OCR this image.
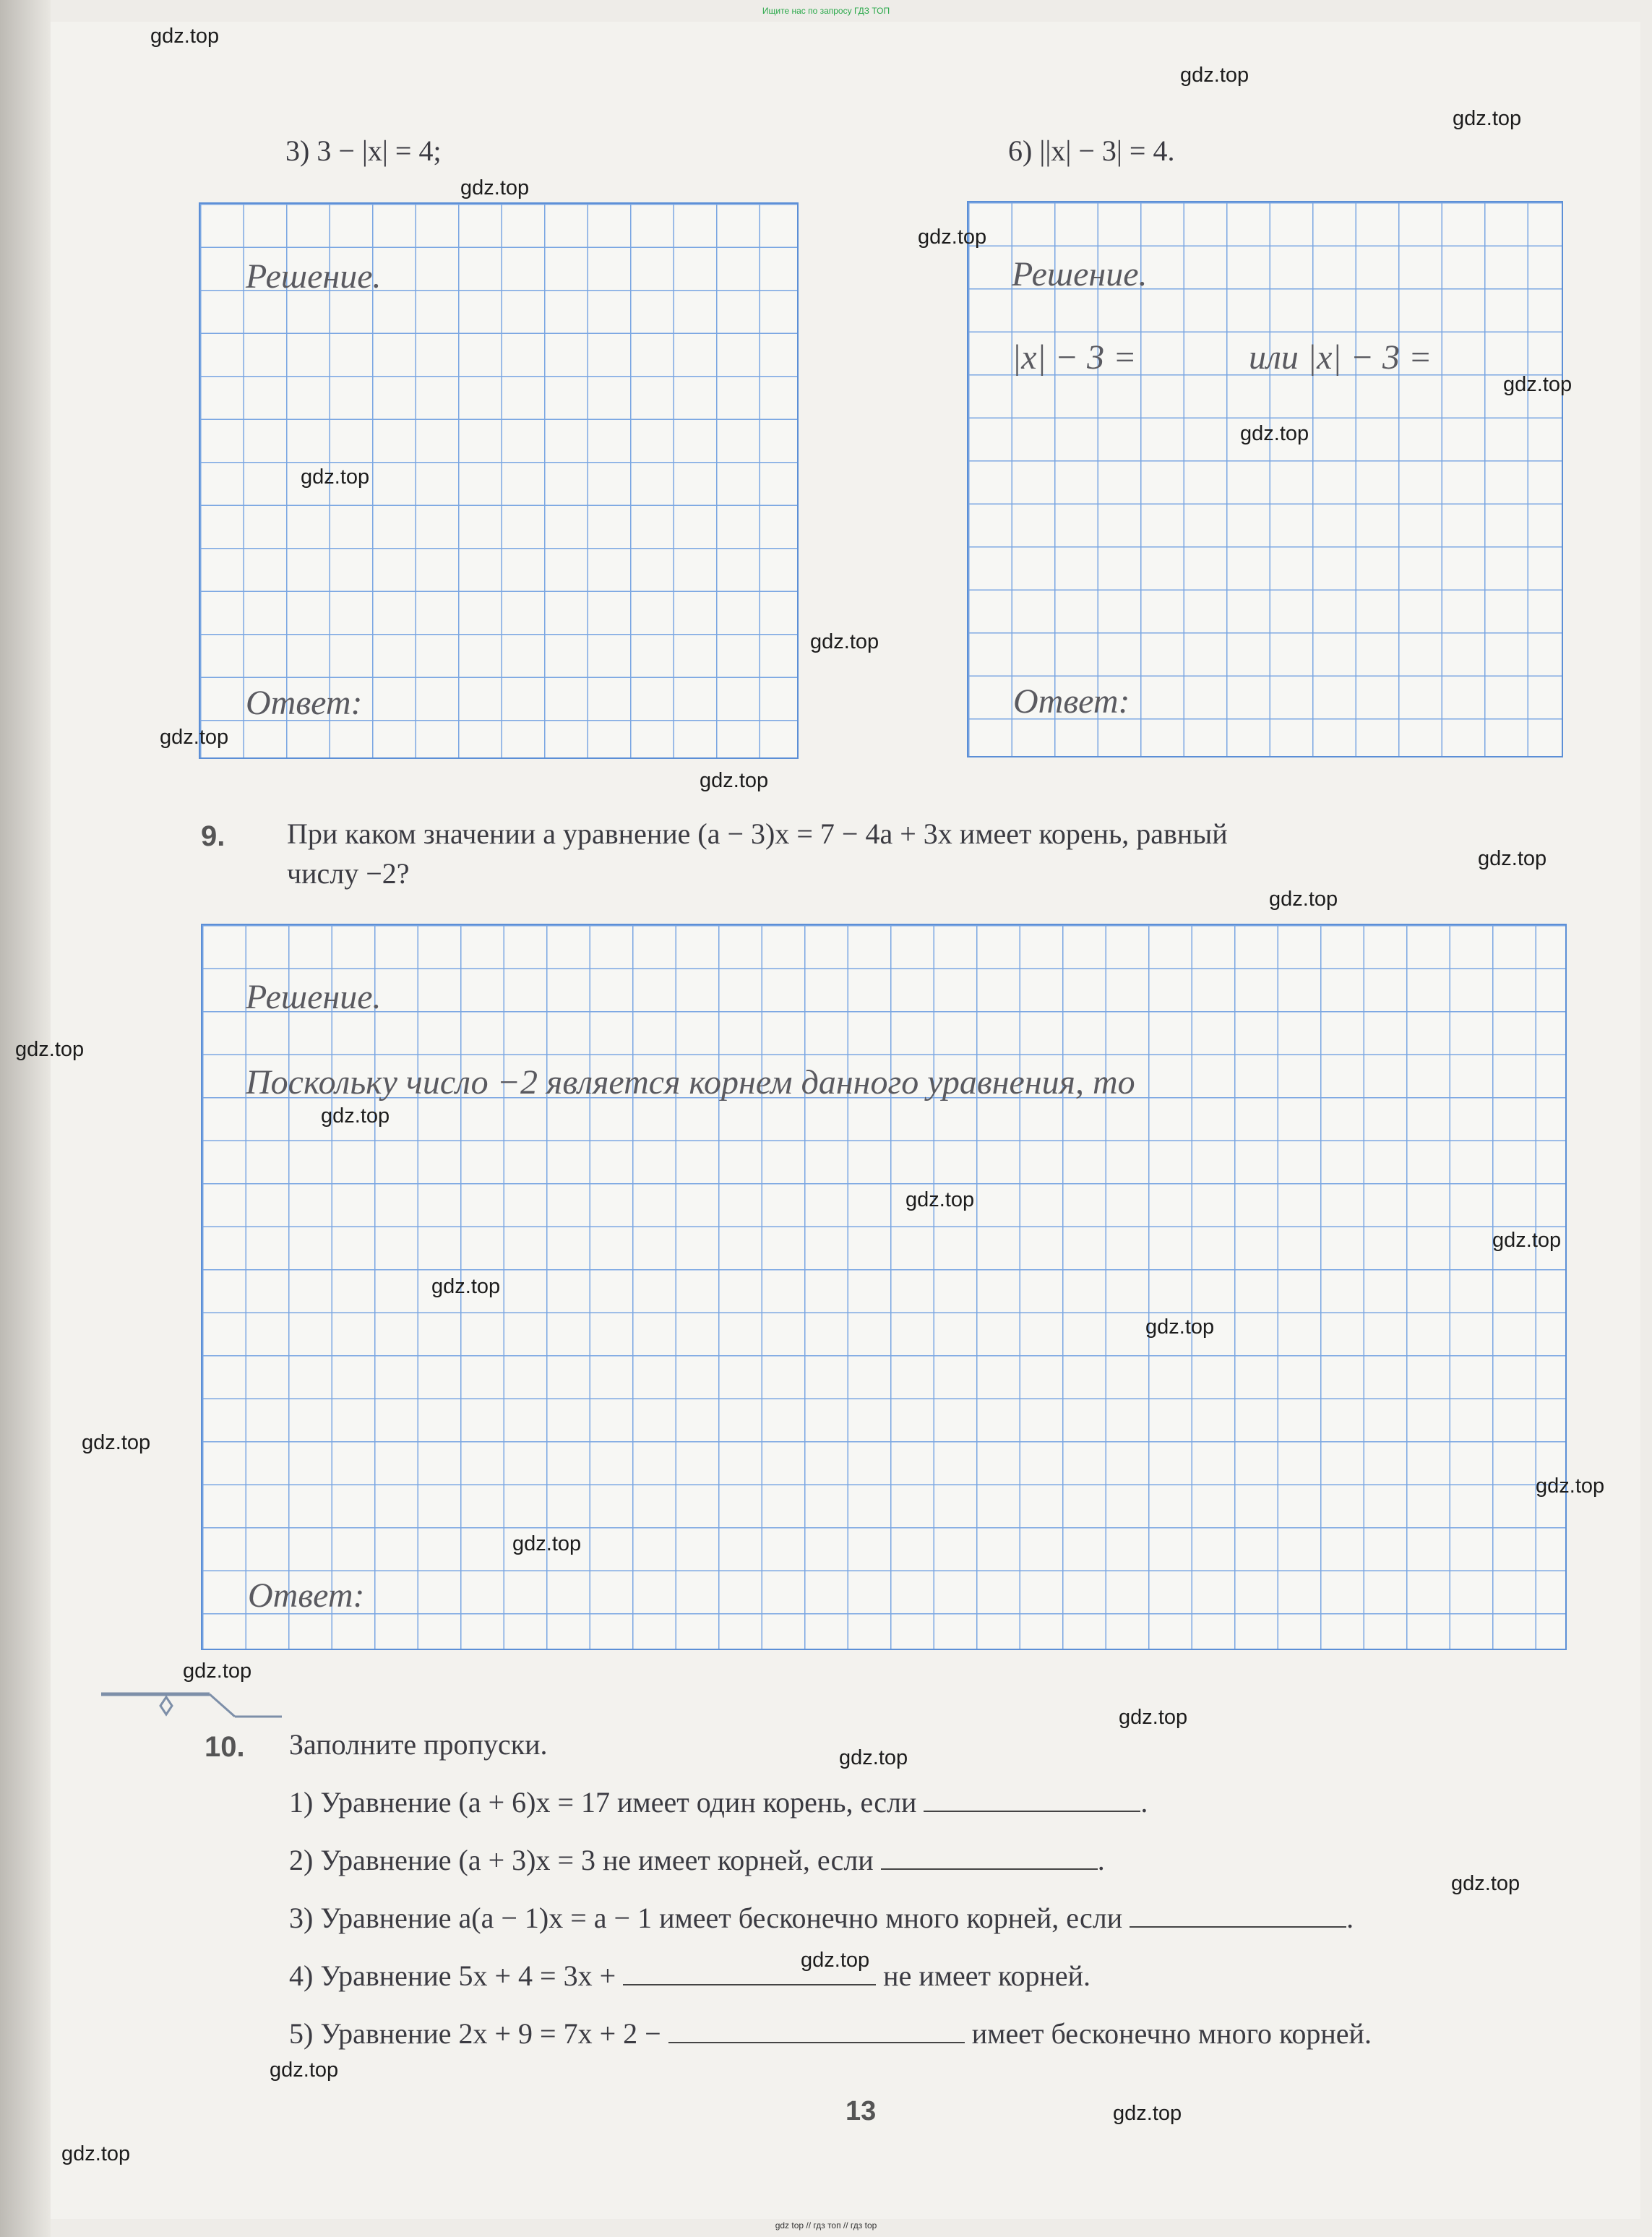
Ищите нас по запросу ГДЗ ТОП
3) 3 − |x| = 4;	6) ||x| − 3| = 4.
Решение.
Ответ:
Решение.
|x| − 3 =	или |x| − 3 =
Ответ:
9. При каком значении a уравнение (a − 3)x = 7 − 4a + 3x имеет корень, равный
числу −2?
Решение.
Поскольку число −2 является корнем данного уравнения, то
Ответ:
10. Заполните пропуски.
1) Уравнение (a + 6)x = 17 имеет один корень, если	.
2) Уравнение (a + 3)x = 3 не имеет корней, если	.
3) Уравнение a(a − 1)x = a − 1 имеет бесконечно много корней, если	.
4) Уравнение 5x + 4 = 3x +	не имеет корней.
5) Уравнение 2x + 9 = 7x + 2 −	имеет бесконечно много корней.
13
gdz top // гдз топ // гдз top
gdz.top
gdz.top
gdz.top
gdz.top
gdz.top
gdz.top
gdz.top
gdz.top
gdz.top
gdz.top
gdz.top
gdz.top
gdz.top
gdz.top
gdz.top
gdz.top
gdz.top
gdz.top
gdz.top
gdz.top
gdz.top
gdz.top
gdz.top
gdz.top
gdz.top
gdz.top
gdz.top
gdz.top
gdz.top
gdz.top
